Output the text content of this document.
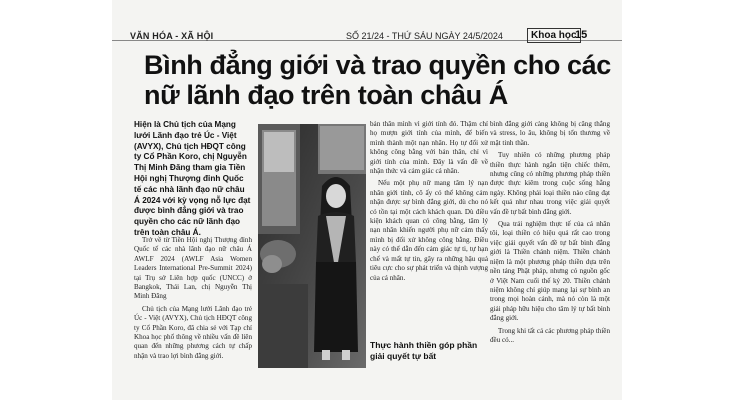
VĂN HÓA - XÃ HỘI	SỐ 21/24 - THỨ SÁU NGÀY 24/5/2024	Khoa học
15
Bình đẳng giới và trao quyền cho các nữ lãnh đạo trên toàn châu Á
Hiện là Chủ tịch của Mạng lưới Lãnh đạo trẻ Úc - Việt (AVYX), Chủ tịch HĐQT công ty Cổ Phần Koro, chị Nguyễn Thị Minh Đăng tham gia Tiền Hội nghị Thượng đỉnh Quốc tế các nhà lãnh đạo nữ châu Á 2024 với kỳ vọng nỗ lực đạt được bình đẳng giới và trao quyền cho các nữ lãnh đạo trên toàn châu Á.

Trở về từ Tiền Hội nghị Thượng đỉnh Quốc tế các nhà lãnh đạo nữ châu Á AWLF 2024 (AWLF Asia Women Leaders International Pre-Summit 2024) tại Trụ sở Liên hợp quốc (UNCC) ở Bangkok, Thái Lan, chị Nguyễn Thị Minh Đăng

Chủ tịch của Mạng lưới Lãnh đạo trẻ Úc - Việt (AVYX), Chủ tịch HĐQT công ty Cổ Phần Koro, đã chia sẻ với Tạp chí Khoa học phổ thông về nhiều vấn đề liên quan đến những phương cách tự chấp nhận và trao lợi bình đẳng giới.

bản thân mình vì giới tính đó. Thậm chí họ mượn giới tính của mình, để biến mình thành một nạn nhân. Họ tự đối xử không công bằng với bản thân, chỉ vì giới tính của mình. Đây là vấn đề về nhận thức và cảm giác cá nhân.

Nếu một phụ nữ mang tâm lý nạn nhân giới tính, cô ấy có thể không cảm nhận được sự bình đẳng giới, dù cho nó có tồn tại một cách khách quan. Dù điều kiện khách quan có công bằng, tâm lý nạn nhân khiến người phụ nữ cảm thấy mình bị đối xử không công bằng. Điều này có thể dẫn đến cảm giác tự ti, tự hạn chế và mất tự tin, gây ra những hậu quả tiêu cực cho sự phát triển và thịnh vượng của cá nhân.

Thực hành thiền góp phần giải quyết tự bất

bình đẳng giới càng không bị căng thẳng và stress, lo âu, không bị tổn thương về mặt tinh thần.

Tuy nhiên có những phương pháp thiền thực hành ngắn tiện chiếc thêm, nhưng cũng có những phương pháp thiền được thực kiêm trong cuộc sống hằng ngày. Không phải loại thiền nào cũng đạt kết quả như nhau trong việc giải quyết vấn đề tự bất bình đẳng giới.

Qua trải nghiệm thực tế của cá nhân tôi, loại thiền có hiệu quả rất cao trong việc giải quyết vấn đề tự bất bình đẳng giới là Thiền chánh niệm. Thiền chánh niệm là một phương pháp thiền dựa trên nền tảng Phật pháp, nhưng có nguồn gốc ở Việt Nam cuối thế kỷ 20. Thiền chánh niệm không chỉ giúp mang lại sự bình an trong mọi hoàn cảnh, mà nó còn là một giải pháp hữu hiệu cho tâm lý tự bất bình đẳng giới.

Trong khi tất cả các phương pháp thiền đều có...
